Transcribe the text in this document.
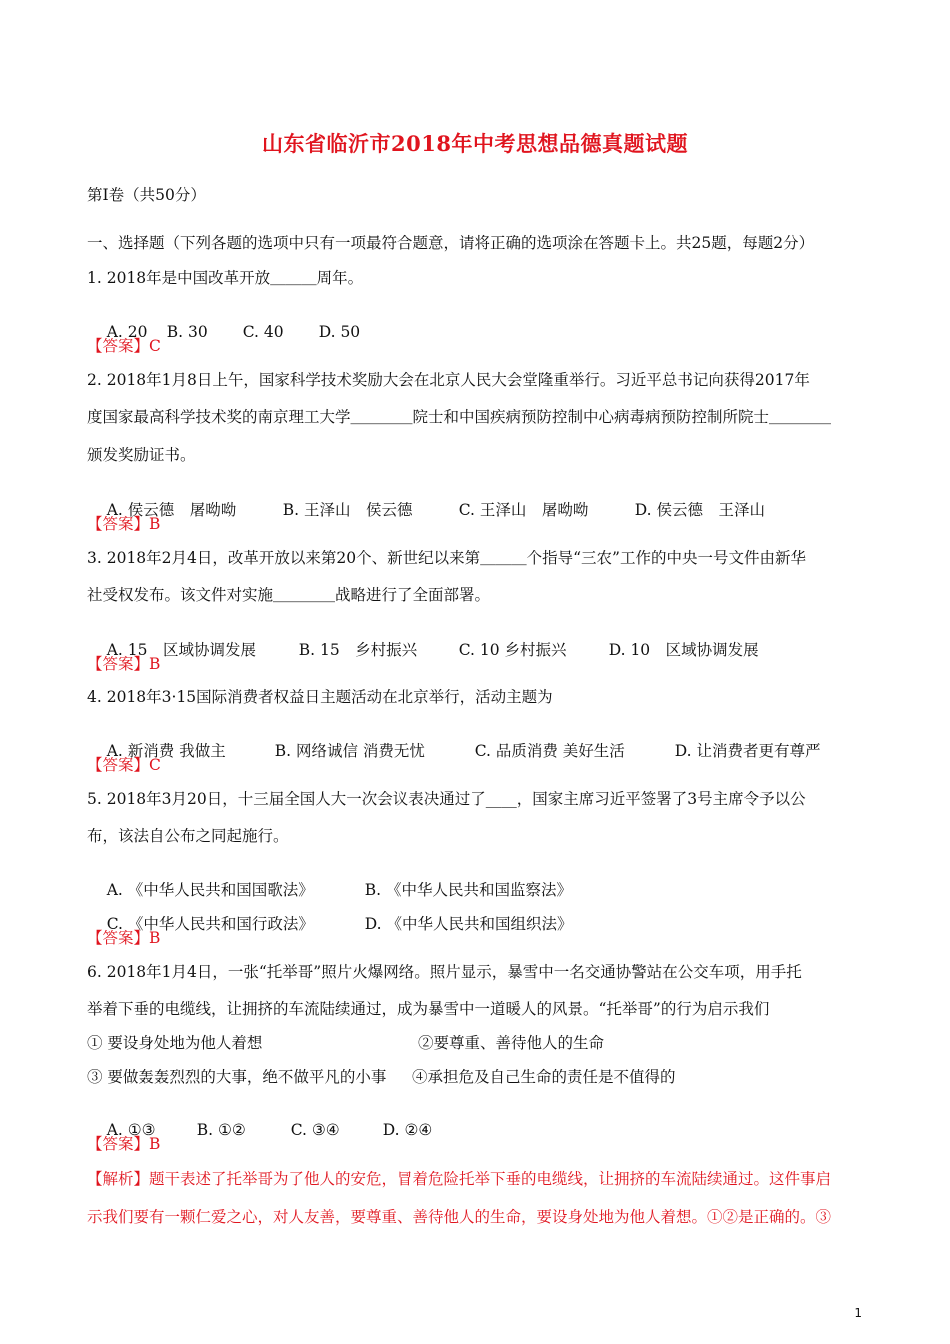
山东省临沂市2018年中考思想品德真题试题
第Ⅰ卷（共50分）
一、选择题（下列各题的选项中只有一项最符合题意，请将正确的选项涂在答题卡上。共25题，每题2分）
1. 2018年是中国改革开放＿＿＿周年。

A. 20 B. 30 C. 40 D. 50

【答案】C
2. 2018年1月8日上午，国家科学技术奖励大会在北京人民大会堂隆重举行。习近平总书记向获得2017年
度国家最高科学技术奖的南京理工大学＿＿＿＿院士和中国疾病预防控制中心病毒病预防控制所院士＿＿＿＿
颁发奖励证书。

A. 侯云德　屠呦呦	B. 王泽山　侯云德	C. 王泽山　屠呦呦	D. 侯云德　王泽山

【答案】B
3. 2018年2月4日，改革开放以来第20个、新世纪以来第＿＿＿个指导“三农”工作的中央一号文件由新华
社受权发布。该文件对实施＿＿＿＿战略进行了全面部署。

A. 15　区域协调发展	B. 15　乡村振兴	C. 10 乡村振兴	D. 10　区域协调发展

【答案】B
4. 2018年3·15国际消费者权益日主题活动在北京举行，活动主题为

A. 新消费 我做主	B. 网络诚信 消费无忧	C. 品质消费 美好生活	D. 让消费者更有尊严

【答案】C
5. 2018年3月20日，十三届全国人大一次会议表决通过了____，国家主席习近平签署了3号主席令予以公
布，该法自公布之同起施行。

A. 《中华人民共和国国歌法》	B. 《中华人民共和国监察法》

C. 《中华人民共和国行政法》	D. 《中华人民共和国组织法》

【答案】B
6. 2018年1月4日，一张“托举哥”照片火爆网络。照片显示，暴雪中一名交通协警站在公交车项，用手托
举着下垂的电缆线，让拥挤的车流陆续通过，成为暴雪中一道暖人的风景。“托举哥”的行为启示我们
① 要设身处地为他人着想	②要尊重、善待他人的生命
③ 要做轰轰烈烈的大事，绝不做平凡的小事 ④承担危及自己生命的责任是不值得的

A. ①③	B. ①②	C. ③④	D. ②④

【答案】B
【解析】题干表述了托举哥为了他人的安危，冒着危险托举下垂的电缆线，让拥挤的车流陆续通过。这件事启
示我们要有一颗仁爱之心，对人友善，要尊重、善待他人的生命，要设身处地为他人着想。①②是正确的。③
1
